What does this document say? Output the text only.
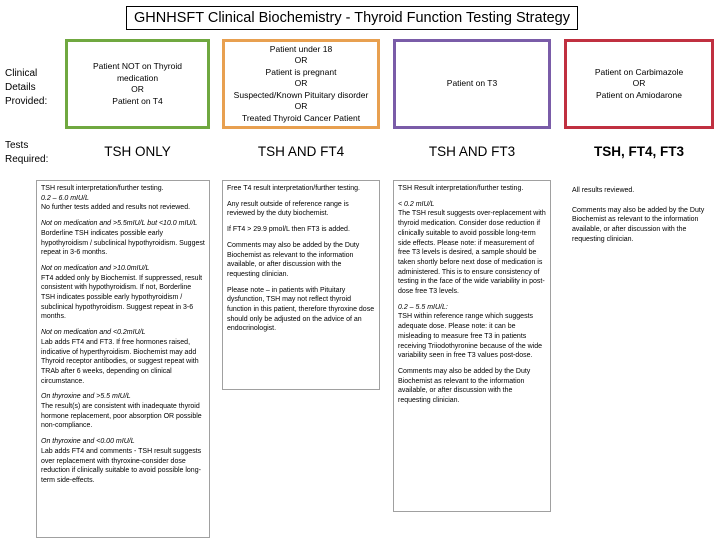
GHNHSFT Clinical Biochemistry - Thyroid Function Testing Strategy
Clinical Details Provided:
Tests Required:
Patient NOT on Thyroid medication
OR
Patient on T4
Patient under 18
OR
Patient is pregnant
OR
Suspected/Known Pituitary disorder
OR
Treated Thyroid Cancer Patient
Patient on T3
Patient on Carbimazole
OR
Patient on Amiodarone
TSH ONLY	TSH AND FT4	TSH AND FT3	TSH, FT4, FT3

TSH result interpretation/further testing.

0.2 – 6.0 mIU/L

No further tests added and results not reviewed.

Not on medication and >5.5mIU/L but <10.0 mIU/L

Borderline TSH indicates possible early hypothyroidism / subclinical hypothyroidism. Suggest repeat in 3-6 months.

Not on medication and >10.0mIU/L

FT4 added only by Biochemist. If suppressed, result consistent with hypothyroidism. If not, Borderline TSH indicates possible early hypothyroidism / subclinical hypothyroidism. Suggest repeat in 3-6 months.

Not on medication and <0.2mIU/L

Lab adds FT4 and FT3. If free hormones raised, indicative of hyperthyroidism. Biochemist may add Thyroid receptor antibodies, or suggest repeat with TRAb after 6 weeks, depending on clinical circumstance.

On thyroxine and >5.5 mIU/L

The result(s) are consistent with inadequate thyroid hormone replacement, poor absorption OR possible non-compliance.

On thyroxine and <0.00 mIU/L

Lab adds FT4 and comments - TSH result suggests over replacement with thyroxine-consider dose reduction if clinically suitable to avoid possible long-term side-effects.

Free T4 result interpretation/further testing.

Any result outside of reference range is reviewed by the duty biochemist.

If FT4 > 29.9 pmol/L then FT3 is added.

Comments may also be added by the Duty Biochemist as relevant to the information available, or after discussion with the requesting clinician.

Please note – in patients with Pituitary dysfunction, TSH may not reflect thyroid function in this patient, therefore thyroxine dose should only be adjusted on the advice of an endocrinologist.

TSH Result interpretation/further testing.

< 0.2 mIU/L

The TSH result suggests over-replacement with thyroid medication. Consider dose reduction if clinically suitable to avoid possible long-term side effects. Please note: if measurement of free T3 levels is desired, a sample should be taken shortly before next dose of medication is administered. This is to ensure consistency of testing in the face of the wide variability in post-dose free T3 levels.

0.2 – 5.5 mIU/L:

TSH within reference range which suggests adequate dose. Please note: it can be misleading to measure free T3 in patients receiving Triiodothyronine because of the wide variability seen in free T3 values post-dose.

Comments may also be added by the Duty Biochemist as relevant to the information available, or after discussion with the requesting clinician.

All results reviewed.

Comments may also be added by the Duty Biochemist as relevant to the information available, or after discussion with the requesting clinician.
